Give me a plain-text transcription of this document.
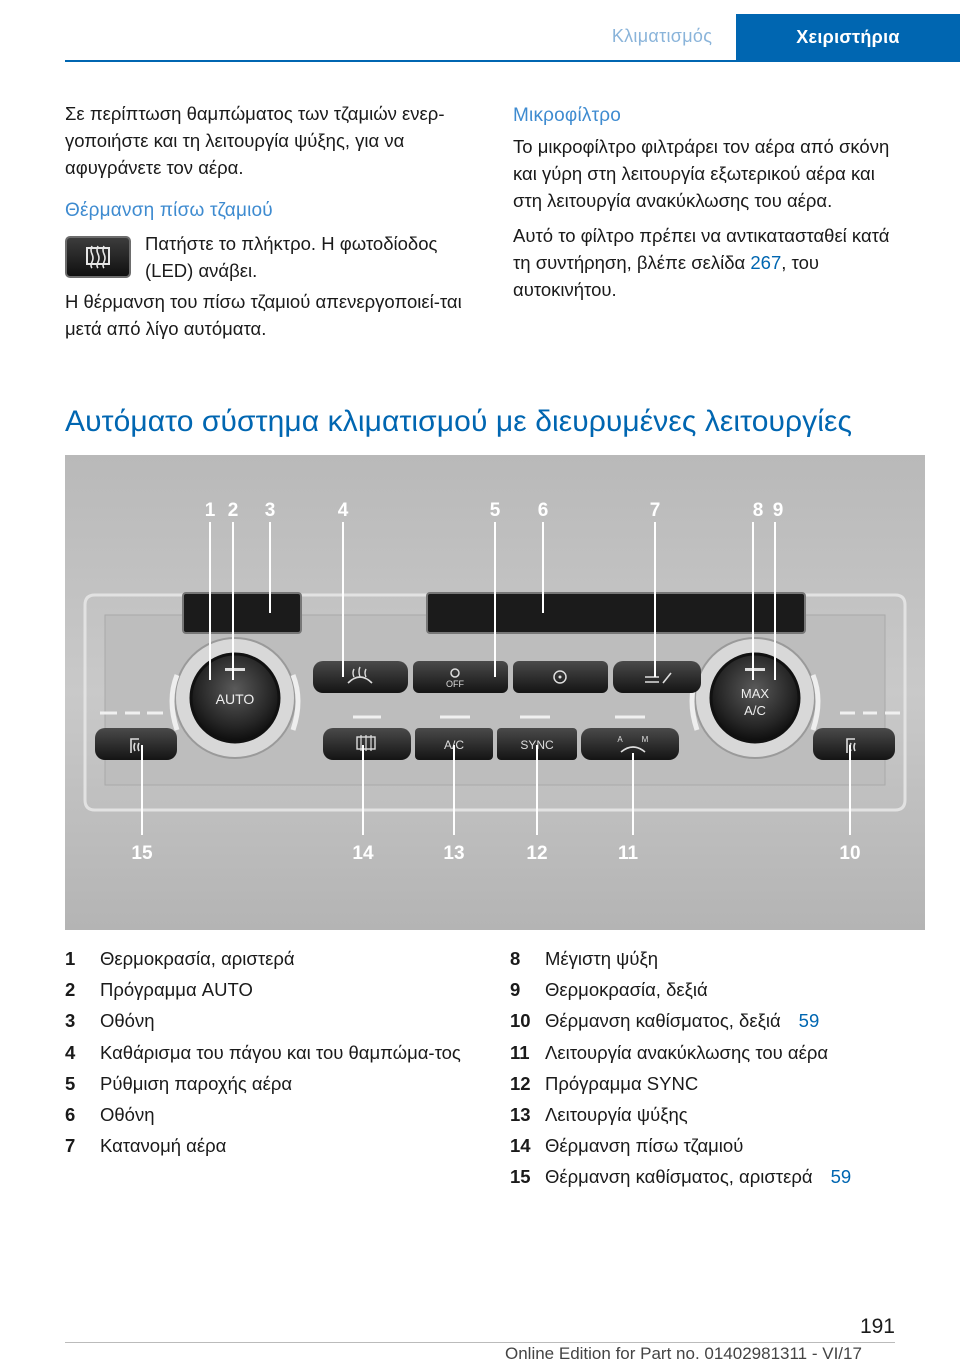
Κλιματισμός	Χειριστήρια

Σε περίπτωση θαμπώματος των τζαμιών ενερ-γοποιήστε και τη λειτουργία ψύξης, για να αφυγράνετε τον αέρα.

Θέρμανση πίσω τζαμιού
Πατήστε το πλήκτρο. Η φωτοδίοδος (LED) ανάβει.

Η θέρμανση του πίσω τζαμιού απενεργοποιεί-ται μετά από λίγο αυτόματα.

Μικροφίλτρο

Το μικροφίλτρο φιλτράρει τον αέρα από σκόνη και γύρη στη λειτουργία εξωτερικού αέρα και στη λειτουργία ανακύκλωσης του αέρα.

Αυτό το φίλτρο πρέπει να αντικατασταθεί κατά τη συντήρηση, βλέπε σελίδα 267, του αυτοκινήτου.

Αυτόματο σύστημα κλιματισμού με διευρυμένες λειτουργίες
AUTO	MAX
A/C
OFF
A/C	SYNC	A M
1 2 3	4	5 6	7	8 9
15	14	13	12	11	10
1	Θερμοκρασία, αριστερά
2	Πρόγραμμα AUTO
3	Οθόνη
4	Καθάρισμα του πάγου και του θαμπώμα-τος
5	Ρύθμιση παροχής αέρα
6	Οθόνη
7	Κατανομή αέρα
8	Μέγιστη ψύξη
9	Θερμοκρασία, δεξιά
10 Θέρμανση καθίσματος, δεξιά 59
11 Λειτουργία ανακύκλωσης του αέρα
12 Πρόγραμμα SYNC
13 Λειτουργία ψύξης
14 Θέρμανση πίσω τζαμιού
15 Θέρμανση καθίσματος, αριστερά 59
191
Online Edition for Part no. 01402981311 - VI/17
